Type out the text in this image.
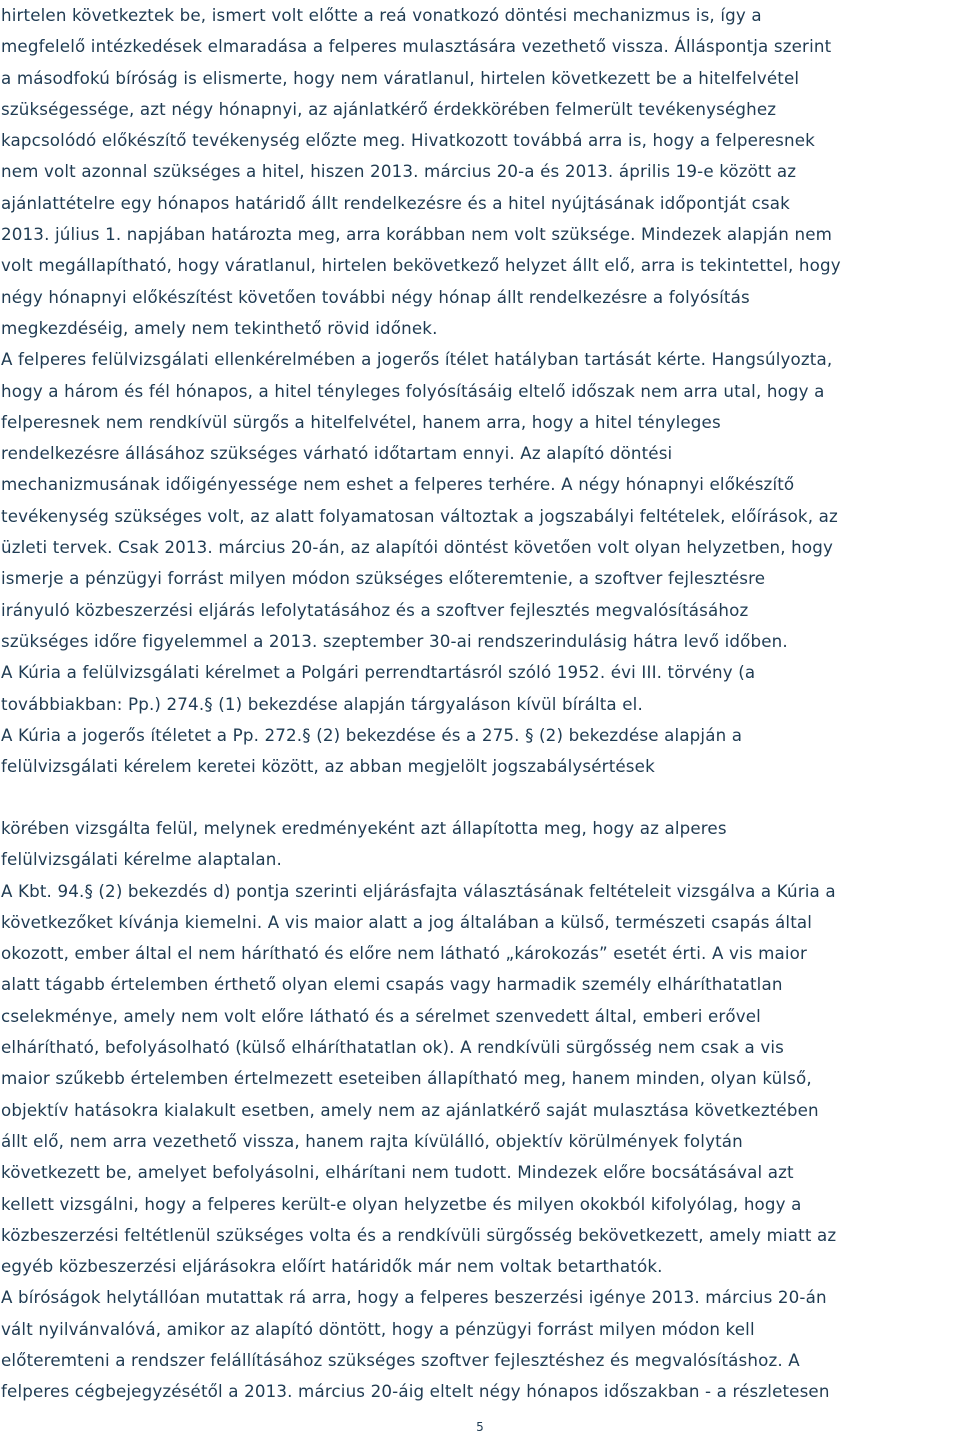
hirtelen következtek be, ismert volt előtte a reá vonatkozó döntési mechanizmus is, így a
megfelelő intézkedések elmaradása a felperes mulasztására vezethető vissza. Álláspontja szerint
a másodfokú bíróság is elismerte, hogy nem váratlanul, hirtelen következett be a hitelfelvétel
szükségessége, azt négy hónapnyi, az ajánlatkérő érdekkörében felmerült tevékenységhez
kapcsolódó előkészítő tevékenység előzte meg. Hivatkozott továbbá arra is, hogy a felperesnek
nem volt azonnal szükséges a hitel, hiszen 2013. március 20-a és 2013. április 19-e között az
ajánlattételre egy hónapos határidő állt rendelkezésre és a hitel nyújtásának időpontját csak
2013. július 1. napjában határozta meg, arra korábban nem volt szüksége. Mindezek alapján nem
volt megállapítható, hogy váratlanul, hirtelen bekövetkező helyzet állt elő, arra is tekintettel, hogy
négy hónapnyi előkészítést követően további négy hónap állt rendelkezésre a folyósítás
megkezdéséig, amely nem tekinthető rövid időnek.
A felperes felülvizsgálati ellenkérelmében a jogerős ítélet hatályban tartását kérte. Hangsúlyozta,
hogy a három és fél hónapos, a hitel tényleges folyósításáig eltelő időszak nem arra utal, hogy a
felperesnek nem rendkívül sürgős a hitelfelvétel, hanem arra, hogy a hitel tényleges
rendelkezésre állásához szükséges várható időtartam ennyi. Az alapító döntési
mechanizmusának időigényessége nem eshet a felperes terhére. A négy hónapnyi előkészítő
tevékenység szükséges volt, az alatt folyamatosan változtak a jogszabályi feltételek, előírások, az
üzleti tervek. Csak 2013. március 20-án, az alapítói döntést követően volt olyan helyzetben, hogy
ismerje a pénzügyi forrást milyen módon szükséges előteremtenie, a szoftver fejlesztésre
irányuló közbeszerzési eljárás lefolytatásához és a szoftver fejlesztés megvalósításához
szükséges időre figyelemmel a 2013. szeptember 30-ai rendszerindulásig hátra levő időben.
A Kúria a felülvizsgálati kérelmet a Polgári perrendtartásról szóló 1952. évi III. törvény (a
továbbiakban: Pp.) 274.§ (1) bekezdése alapján tárgyaláson kívül bírálta el.
A Kúria a jogerős ítéletet a Pp. 272.§ (2) bekezdése és a 275. § (2) bekezdése alapján a
felülvizsgálati kérelem keretei között, az abban megjelölt jogszabálysértések
körében vizsgálta felül, melynek eredményeként azt állapította meg, hogy az alperes
felülvizsgálati kérelme alaptalan.
A Kbt. 94.§ (2) bekezdés d) pontja szerinti eljárásfajta választásának feltételeit vizsgálva a Kúria a
következőket kívánja kiemelni. A vis maior alatt a jog általában a külső, természeti csapás által
okozott, ember által el nem hárítható és előre nem látható „károkozás” esetét érti. A vis maior
alatt tágabb értelemben érthető olyan elemi csapás vagy harmadik személy elháríthatatlan
cselekménye, amely nem volt előre látható és a sérelmet szenvedett által, emberi erővel
elhárítható, befolyásolható (külső elháríthatatlan ok). A rendkívüli sürgősség nem csak a vis
maior szűkebb értelemben értelmezett eseteiben állapítható meg, hanem minden, olyan külső,
objektív hatásokra kialakult esetben, amely nem az ajánlatkérő saját mulasztása következtében
állt elő, nem arra vezethető vissza, hanem rajta kívülálló, objektív körülmények folytán
következett be, amelyet befolyásolni, elhárítani nem tudott. Mindezek előre bocsátásával azt
kellett vizsgálni, hogy a felperes került-e olyan helyzetbe és milyen okokból kifolyólag, hogy a
közbeszerzési feltétlenül szükséges volta és a rendkívüli sürgősség bekövetkezett, amely miatt az
egyéb közbeszerzési eljárásokra előírt határidők már nem voltak betarthatók.
A bíróságok helytállóan mutattak rá arra, hogy a felperes beszerzési igénye 2013. március 20-án
vált nyilvánvalóvá, amikor az alapító döntött, hogy a pénzügyi forrást milyen módon kell
előteremteni a rendszer felállításához szükséges szoftver fejlesztéshez és megvalósításhoz. A
felperes cégbejegyzésétől a 2013. március 20-áig eltelt négy hónapos időszakban - a részletesen
5
